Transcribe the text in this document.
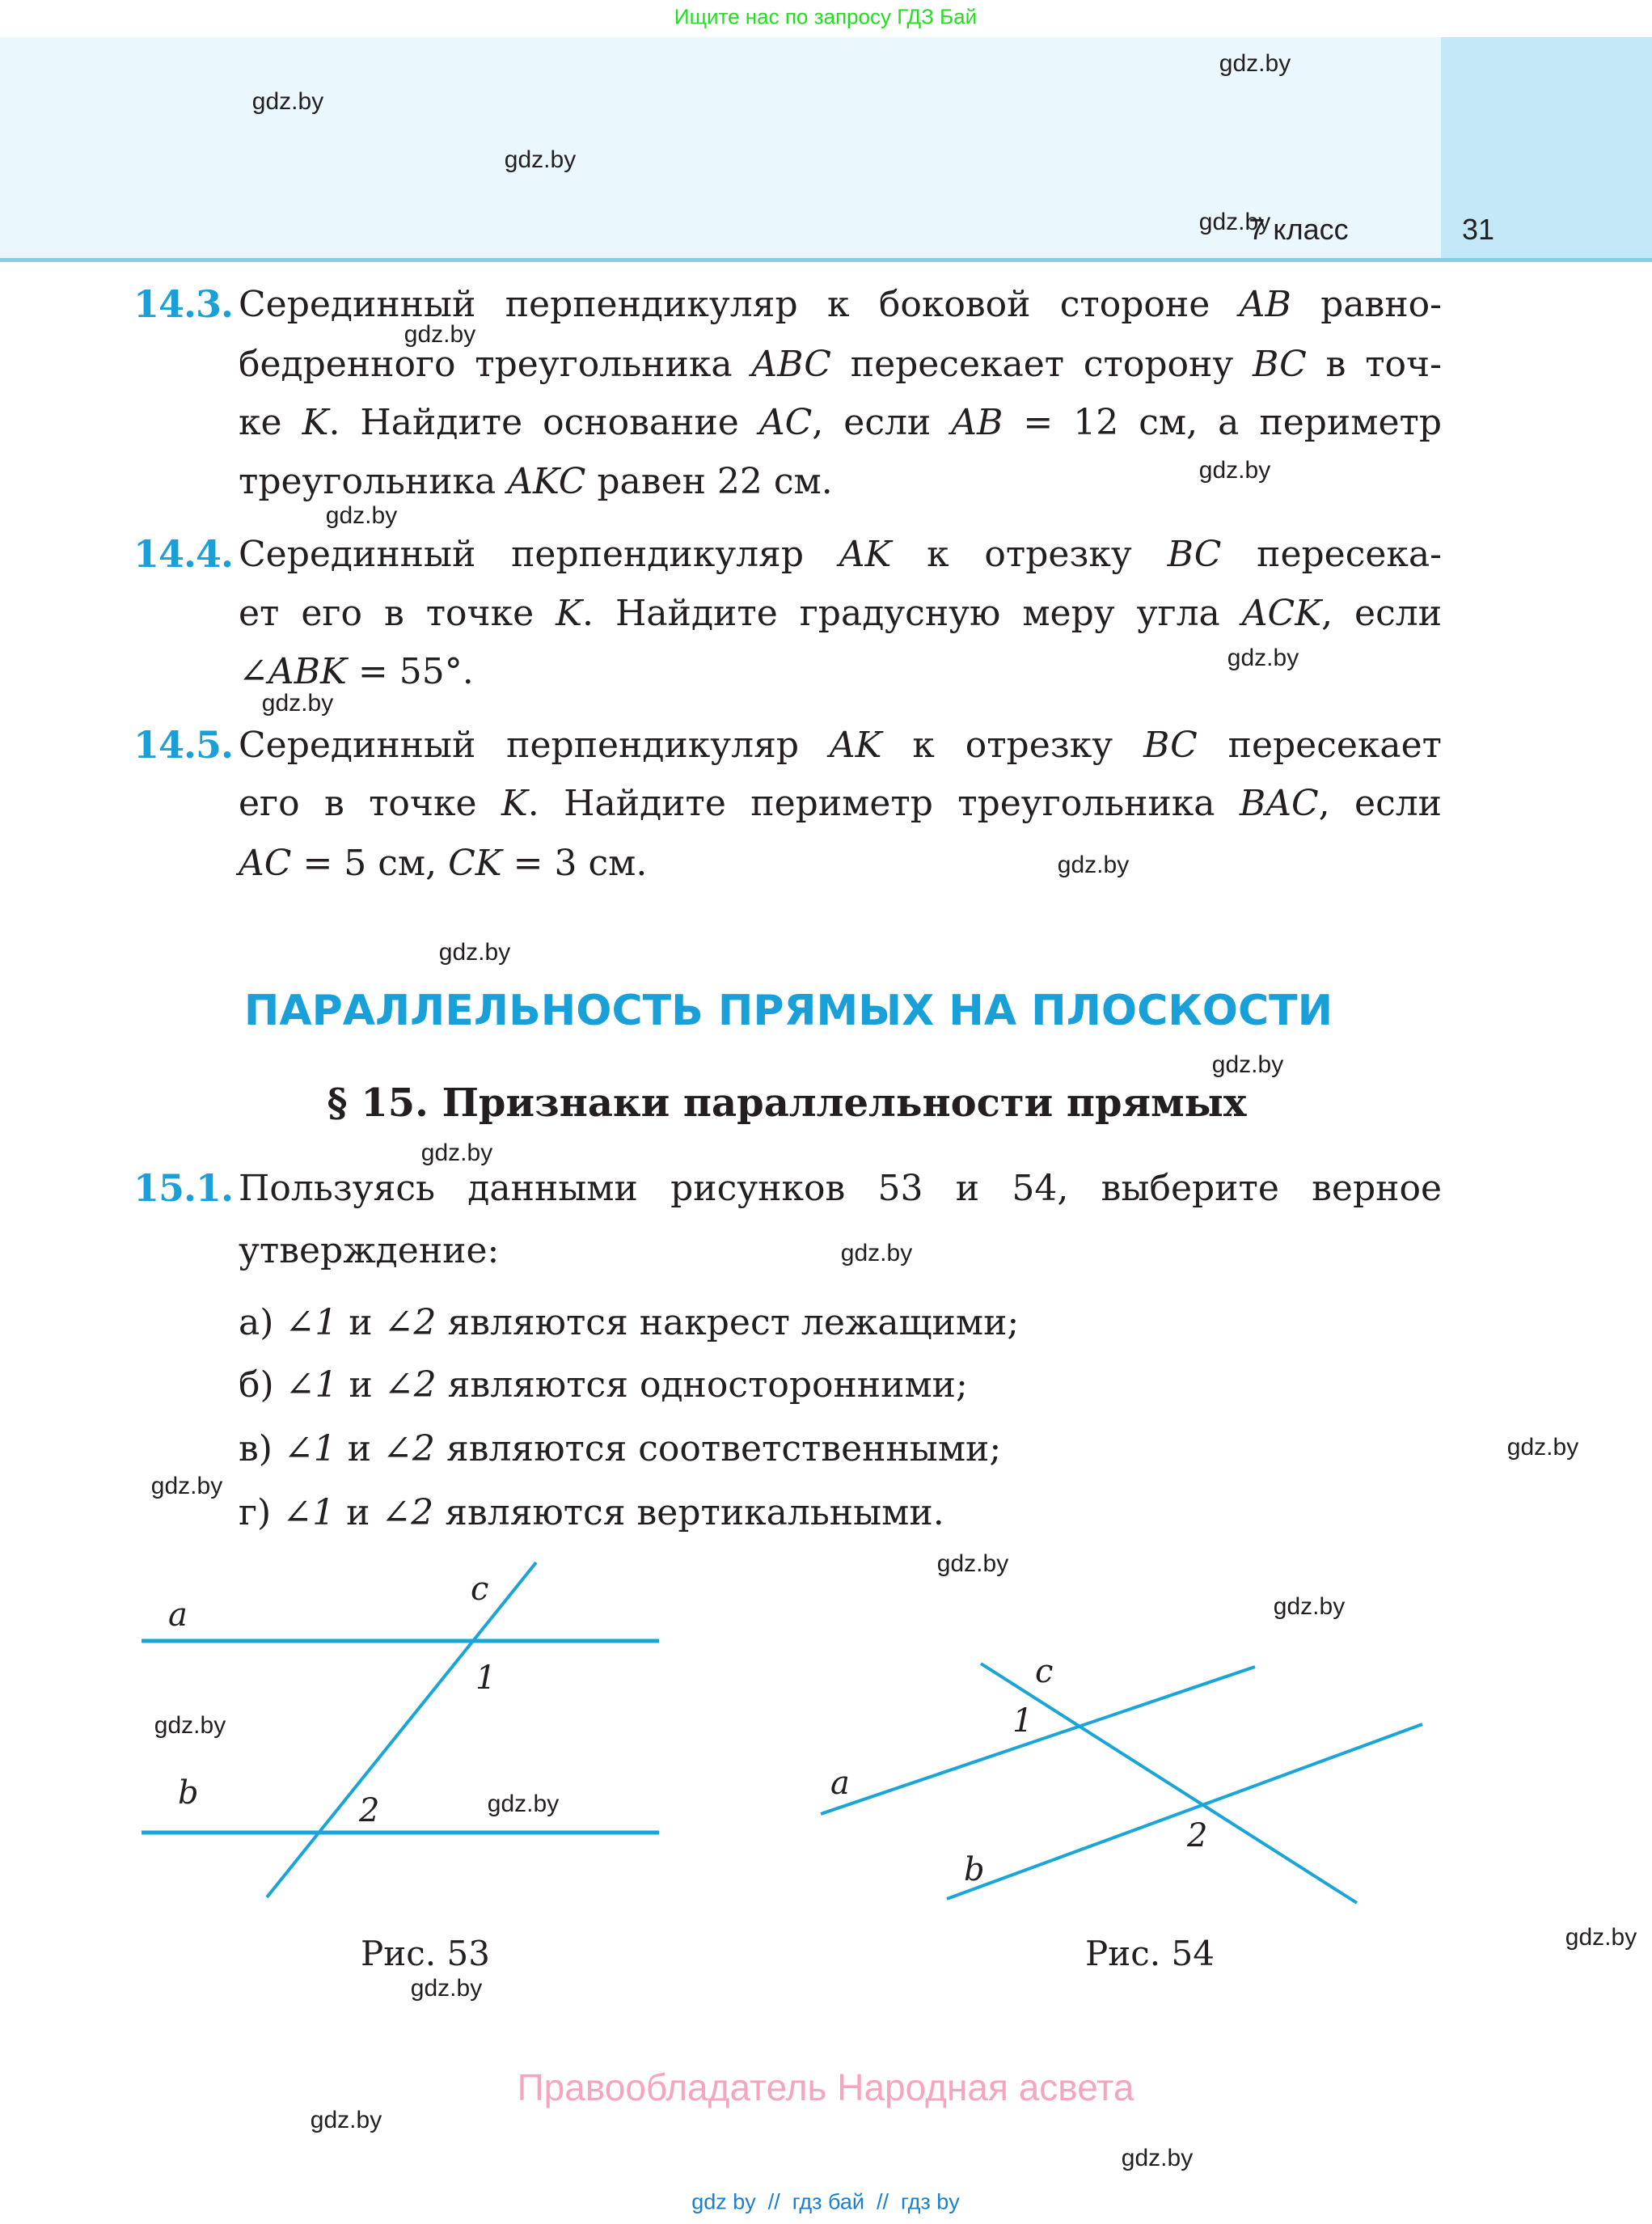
Ищите нас по запросу ГДЗ Бай
7 класс	31
14.3. Серединный перпендикуляр к боковой стороне AB равно-
бедренного треугольника ABC пересекает сторону BC в точ-
ке K. Найдите основание AC, если AB = 12 см, а периметр
треугольника AKC равен 22 см.
14.4. Серединный перпендикуляр AK к отрезку BC пересека-
ет его в точке K. Найдите градусную меру угла ACK, если
∠ABK = 55°.
14.5. Серединный перпендикуляр AK к отрезку BC пересекает
его в точке K. Найдите периметр треугольника BAC, если
AC = 5 см, CK = 3 см.
15.1. Пользуясь данными рисунков 53 и 54, выберите верное
утверждение:
а) ∠1 и ∠2 являются накрест лежащими;
б) ∠1 и ∠2 являются односторонними;
в) ∠1 и ∠2 являются соответственными;
г) ∠1 и ∠2 являются вертикальными.
ПАРАЛЛЕЛЬНОСТЬ ПРЯМЫХ НА ПЛОСКОСТИ
§ 15. Признаки параллельности прямых
a
c
1
b	2
Рис. 53
c
1
a
2
b
Рис. 54
gdz.by
gdz.by
gdz.by
gdz.by
gdz.by
gdz.by
gdz.by
gdz.by
gdz.by
gdz.by
gdz.by
gdz.by
gdz.by
gdz.by
gdz.by
gdz.by
gdz.by
gdz.by
gdz.by
gdz.by
gdz.by
gdz.by
gdz.by
gdz.by
Правообладатель Народная асвета
gdz by  //  гдз бай  //  гдз by
